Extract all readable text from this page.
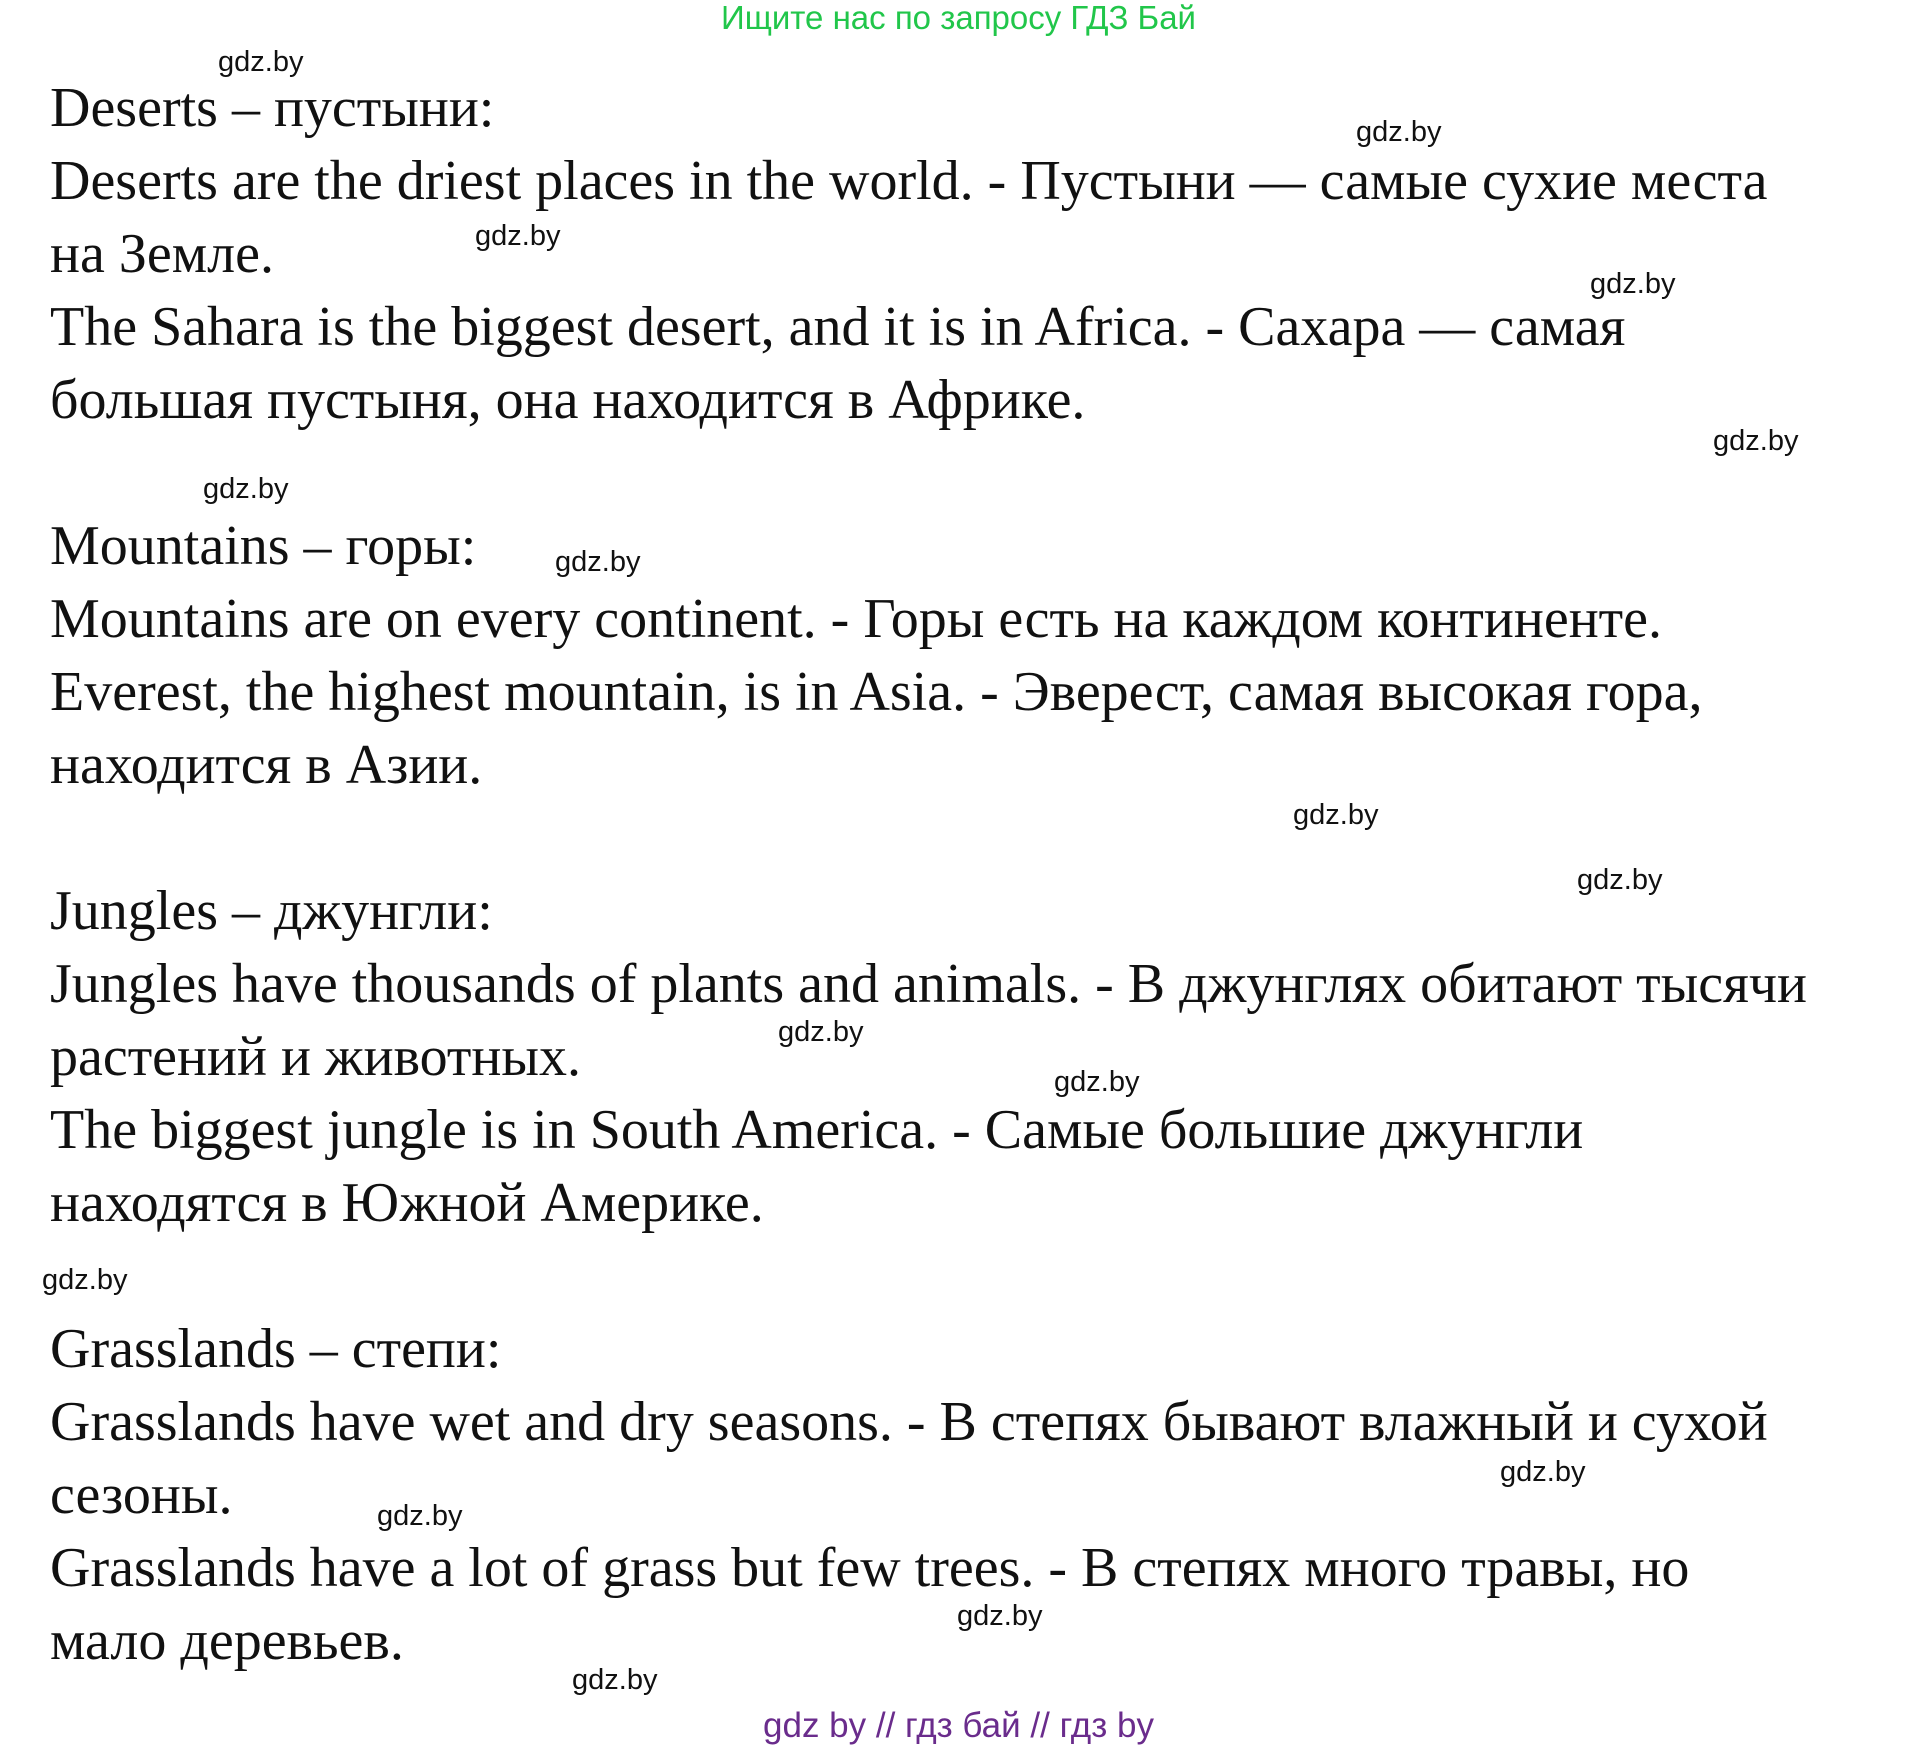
Ищите нас по запросу ГДЗ Бай
Deserts – пустыни:
Deserts are the driest places in the world. - Пустыни — самые сухие места
на Земле.
The Sahara is the biggest desert, and it is in Africa. - Сахара — самая
большая пустыня, она находится в Африке.
Mountains – горы:
Mountains are on every continent. - Горы есть на каждом континенте.
Everest, the highest mountain, is in Asia. - Эверест, самая высокая гора,
находится в Азии.
Jungles – джунгли:
Jungles have thousands of plants and animals. - В джунглях обитают тысячи
растений и животных.
The biggest jungle is in South America. - Самые большие джунгли
находятся в Южной Америке.
Grasslands – степи:
Grasslands have wet and dry seasons. - В степях бывают влажный и сухой
сезоны.
Grasslands have a lot of grass but few trees. - В степях много травы, но
мало деревьев.
gdz.by
gdz.by
gdz.by
gdz.by
gdz.by
gdz.by
gdz.by
gdz.by
gdz.by
gdz.by
gdz.by
gdz.by
gdz.by
gdz.by
gdz.by
gdz.by
gdz by // гдз бай // гдз by
